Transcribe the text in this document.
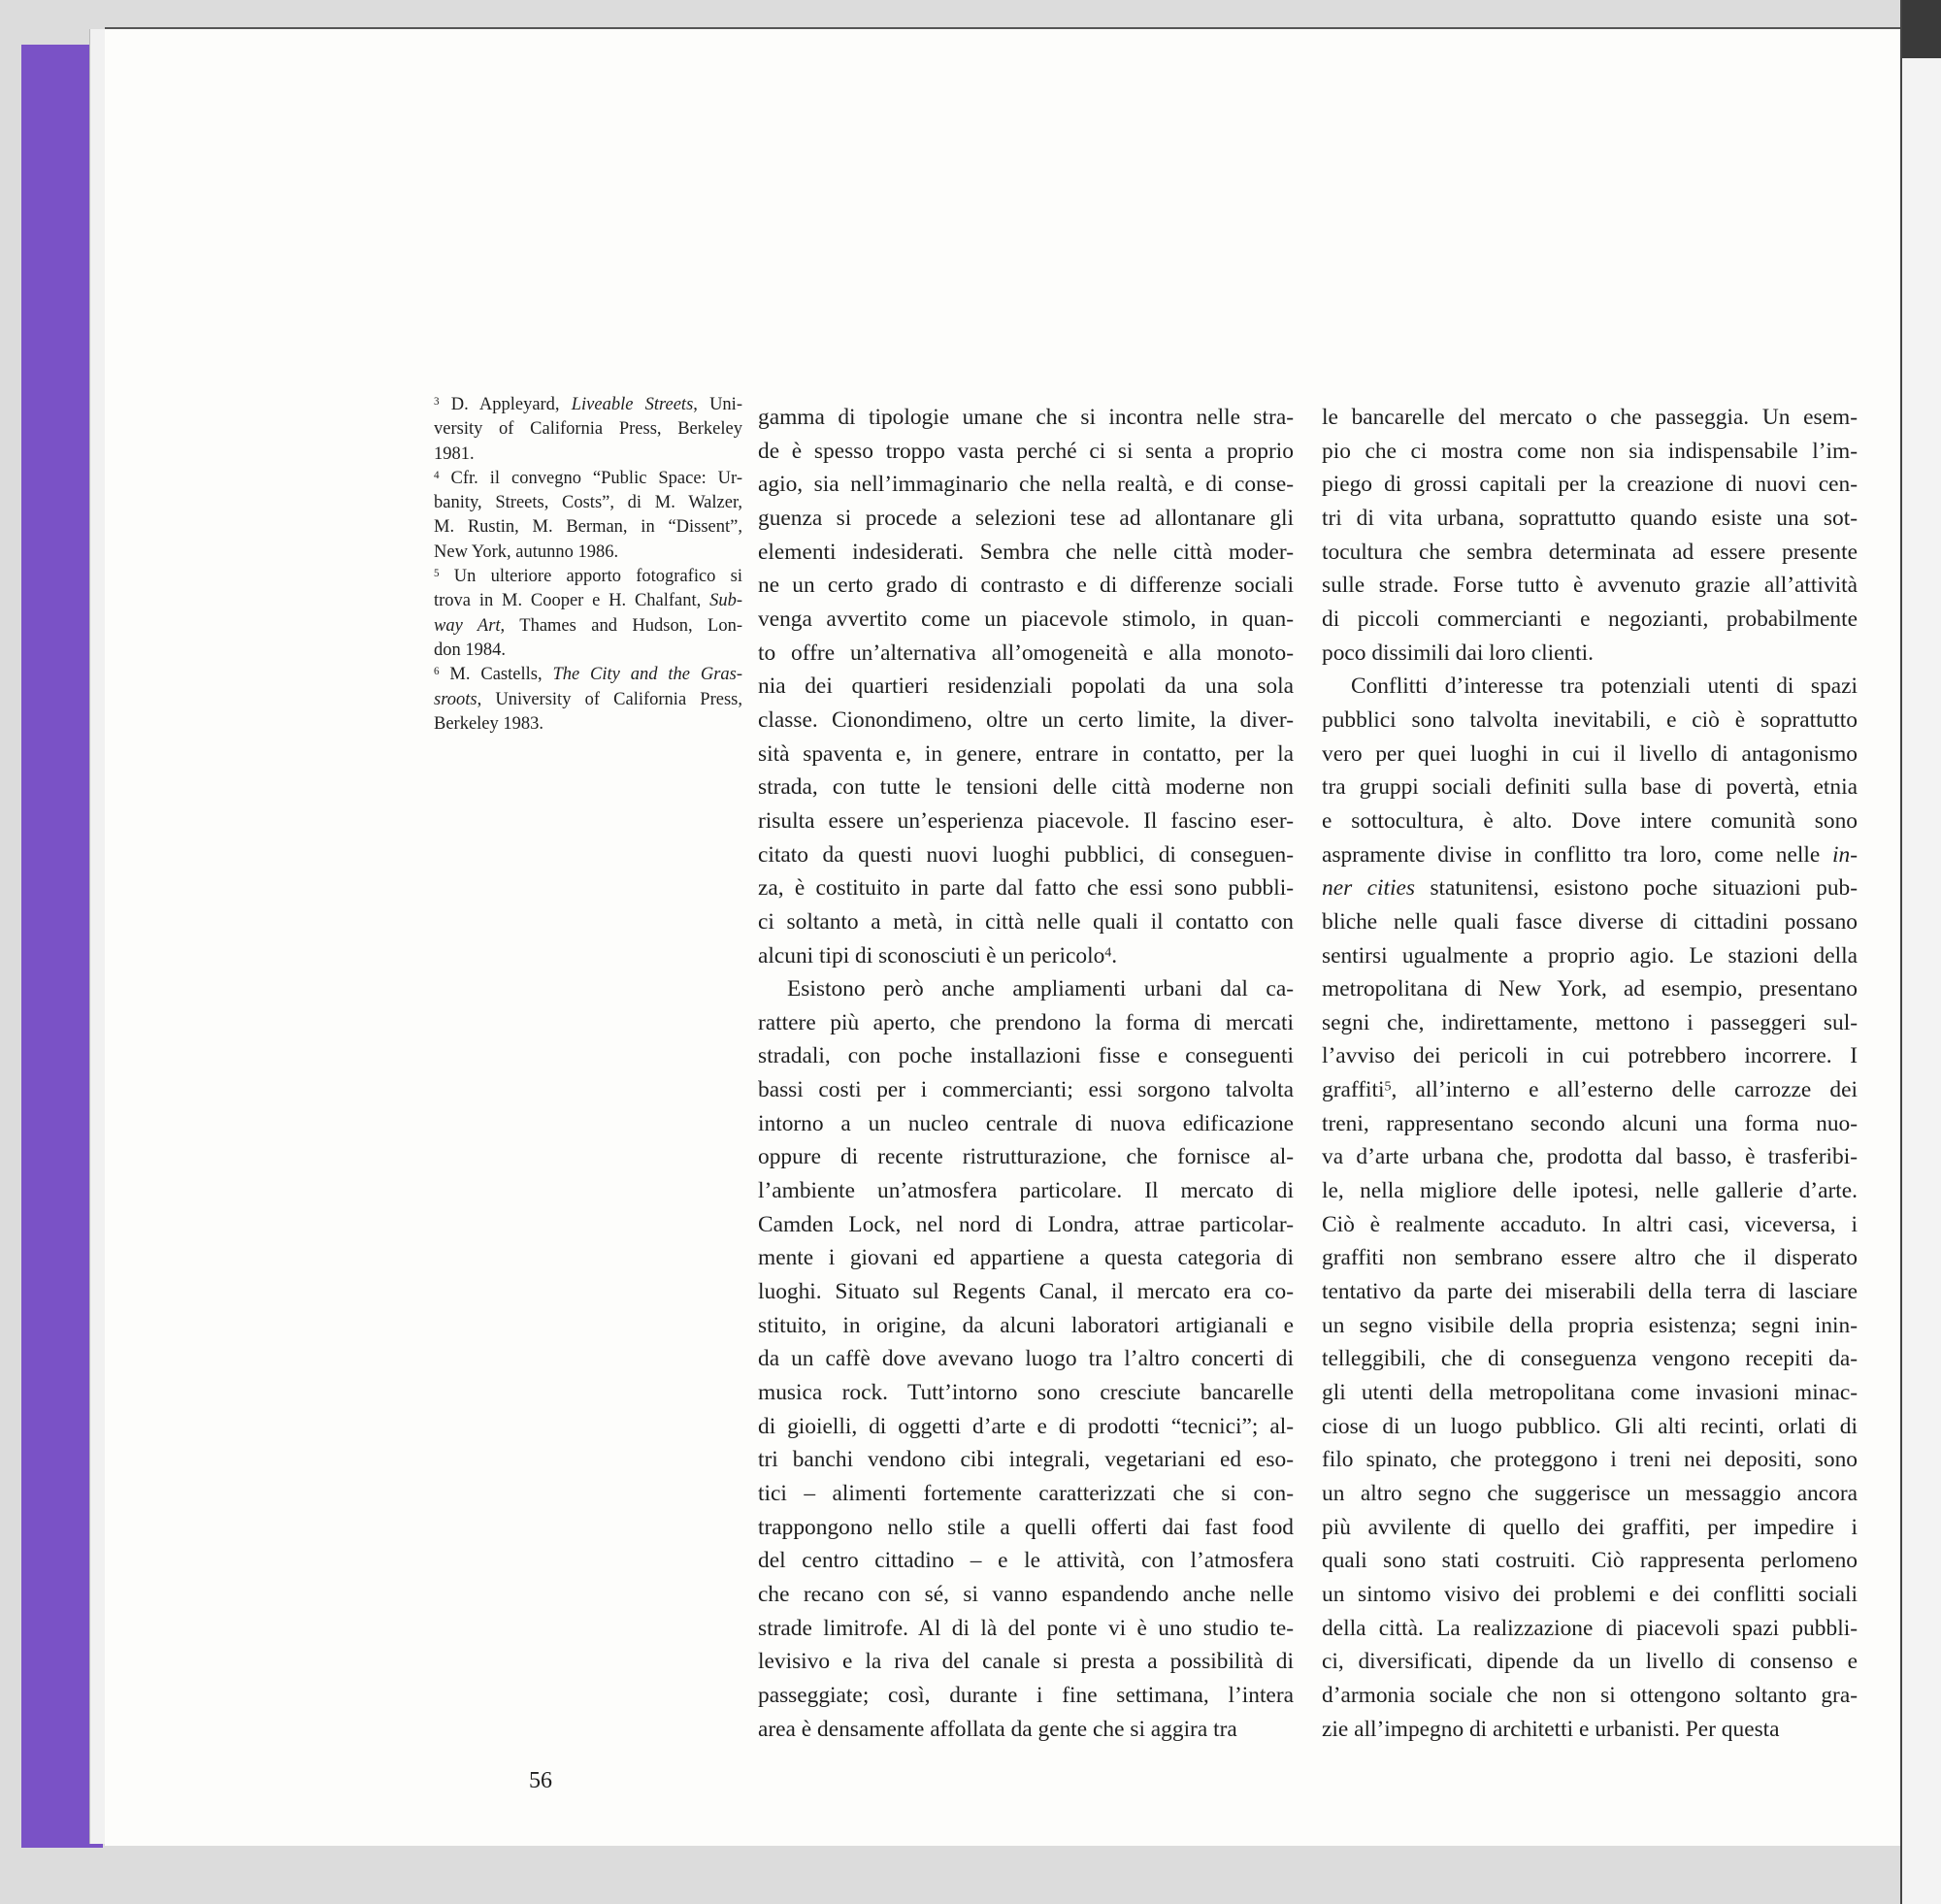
$^3$ D. Appleyard, Liveable Streets, Uni-
versity of California Press, Berkeley
1981.
$^4$ Cfr. il convegno “Public Space: Ur-
banity, Streets, Costs”, di M. Walzer,
M. Rustin, M. Berman, in “Dissent”,
New York, autunno 1986.
$^5$ Un ulteriore apporto fotografico si
trova in M. Cooper e H. Chalfant, Sub-
way Art, Thames and Hudson, Lon-
don 1984.
$^6$ M. Castells, The City and the Gras-
sroots, University of California Press,
Berkeley 1983.
gamma di tipologie umane che si incontra nelle stra-
de è spesso troppo vasta perché ci si senta a proprio
agio, sia nell’immaginario che nella realtà, e di conse-
guenza si procede a selezioni tese ad allontanare gli
elementi indesiderati. Sembra che nelle città moder-
ne un certo grado di contrasto e di differenze sociali
venga avvertito come un piacevole stimolo, in quan-
to offre un’alternativa all’omogeneità e alla monoto-
nia dei quartieri residenziali popolati da una sola
classe. Cionondimeno, oltre un certo limite, la diver-
sità spaventa e, in genere, entrare in contatto, per la
strada, con tutte le tensioni delle città moderne non
risulta essere un’esperienza piacevole. Il fascino eser-
citato da questi nuovi luoghi pubblici, di conseguen-
za, è costituito in parte dal fatto che essi sono pubbli-
ci soltanto a metà, in città nelle quali il contatto con
alcuni tipi di sconosciuti è un pericolo$^4$.
Esistono però anche ampliamenti urbani dal ca-
rattere più aperto, che prendono la forma di mercati
stradali, con poche installazioni fisse e conseguenti
bassi costi per i commercianti; essi sorgono talvolta
intorno a un nucleo centrale di nuova edificazione
oppure di recente ristrutturazione, che fornisce al-
l’ambiente un’atmosfera particolare. Il mercato di
Camden Lock, nel nord di Londra, attrae particolar-
mente i giovani ed appartiene a questa categoria di
luoghi. Situato sul Regents Canal, il mercato era co-
stituito, in origine, da alcuni laboratori artigianali e
da un caffè dove avevano luogo tra l’altro concerti di
musica rock. Tutt’intorno sono cresciute bancarelle
di gioielli, di oggetti d’arte e di prodotti “tecnici”; al-
tri banchi vendono cibi integrali, vegetariani ed eso-
tici – alimenti fortemente caratterizzati che si con-
trappongono nello stile a quelli offerti dai fast food
del centro cittadino – e le attività, con l’atmosfera
che recano con sé, si vanno espandendo anche nelle
strade limitrofe. Al di là del ponte vi è uno studio te-
levisivo e la riva del canale si presta a possibilità di
passeggiate; così, durante i fine settimana, l’intera
area è densamente affollata da gente che si aggira tra
le bancarelle del mercato o che passeggia. Un esem-
pio che ci mostra come non sia indispensabile l’im-
piego di grossi capitali per la creazione di nuovi cen-
tri di vita urbana, soprattutto quando esiste una sot-
tocultura che sembra determinata ad essere presente
sulle strade. Forse tutto è avvenuto grazie all’attività
di piccoli commercianti e negozianti, probabilmente
poco dissimili dai loro clienti.
Conflitti d’interesse tra potenziali utenti di spazi
pubblici sono talvolta inevitabili, e ciò è soprattutto
vero per quei luoghi in cui il livello di antagonismo
tra gruppi sociali definiti sulla base di povertà, etnia
e sottocultura, è alto. Dove intere comunità sono
aspramente divise in conflitto tra loro, come nelle in-
ner cities statunitensi, esistono poche situazioni pub-
bliche nelle quali fasce diverse di cittadini possano
sentirsi ugualmente a proprio agio. Le stazioni della
metropolitana di New York, ad esempio, presentano
segni che, indirettamente, mettono i passeggeri sul-
l’avviso dei pericoli in cui potrebbero incorrere. I
graffiti$^5$, all’interno e all’esterno delle carrozze dei
treni, rappresentano secondo alcuni una forma nuo-
va d’arte urbana che, prodotta dal basso, è trasferibi-
le, nella migliore delle ipotesi, nelle gallerie d’arte.
Ciò è realmente accaduto. In altri casi, viceversa, i
graffiti non sembrano essere altro che il disperato
tentativo da parte dei miserabili della terra di lasciare
un segno visibile della propria esistenza; segni inin-
telleggibili, che di conseguenza vengono recepiti da-
gli utenti della metropolitana come invasioni minac-
ciose di un luogo pubblico. Gli alti recinti, orlati di
filo spinato, che proteggono i treni nei depositi, sono
un altro segno che suggerisce un messaggio ancora
più avvilente di quello dei graffiti, per impedire i
quali sono stati costruiti. Ciò rappresenta perlomeno
un sintomo visivo dei problemi e dei conflitti sociali
della città. La realizzazione di piacevoli spazi pubbli-
ci, diversificati, dipende da un livello di consenso e
d’armonia sociale che non si ottengono soltanto gra-
zie all’impegno di architetti e urbanisti. Per questa
56
